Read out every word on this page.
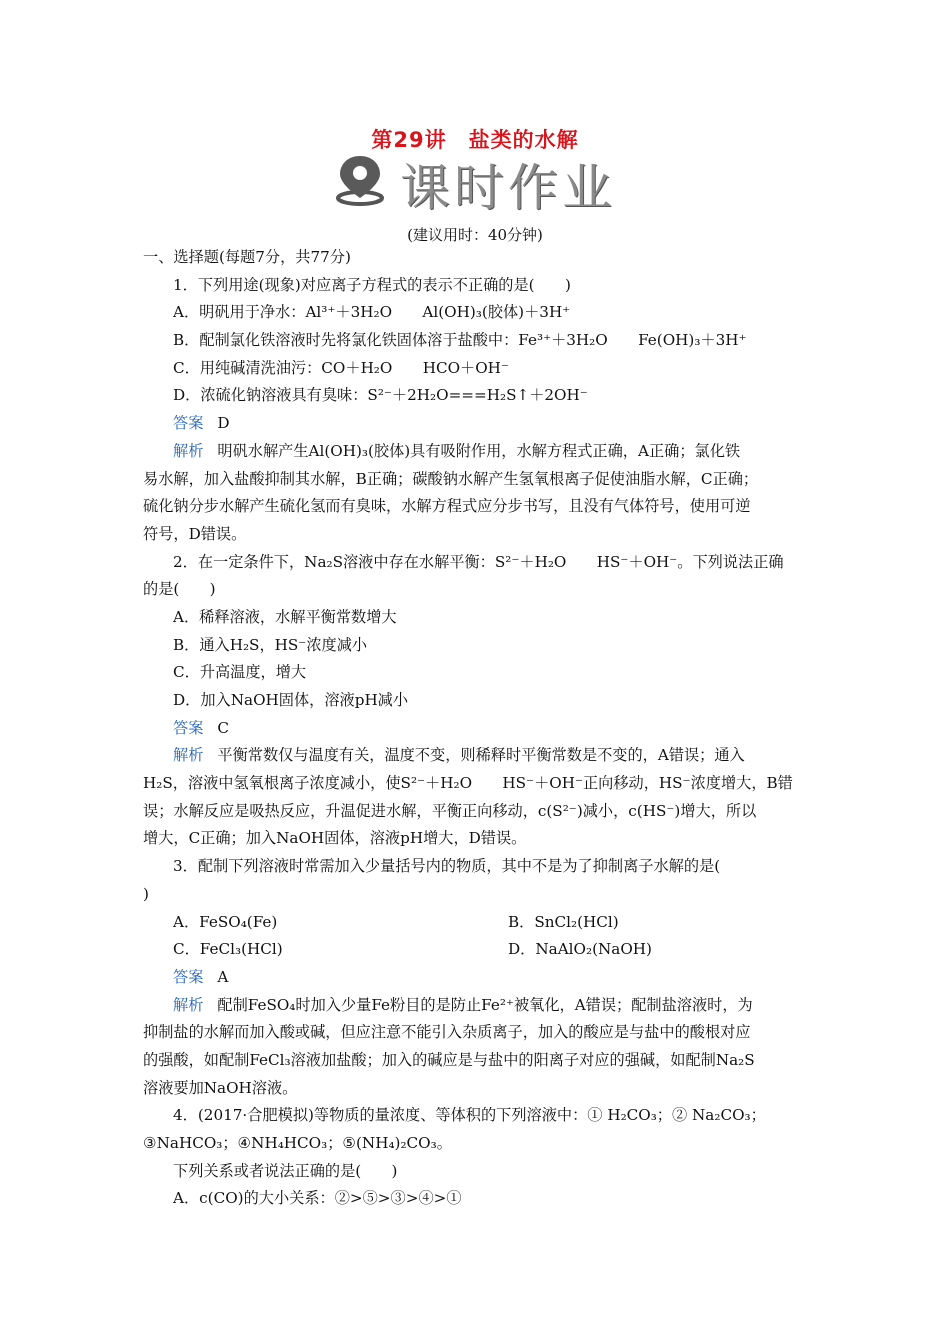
第29讲　盐类的水解
课时作业
(建议用时：40分钟)
一、选择题(每题7分，共77分)
1．下列用途(现象)对应离子方程式的表示不正确的是(　　)
A．明矾用于净水：Al³⁺＋3H₂O　　Al(OH)₃(胶体)＋3H⁺
B．配制氯化铁溶液时先将氯化铁固体溶于盐酸中：Fe³⁺＋3H₂O　　Fe(OH)₃＋3H⁺
C．用纯碱清洗油污：CO＋H₂O　　HCO＋OH⁻
D．浓硫化钠溶液具有臭味：S²⁻＋2H₂O===H₂S↑＋2OH⁻
答案 D
解析 明矾水解产生Al(OH)₃(胶体)具有吸附作用，水解方程式正确，A正确；氯化铁
易水解，加入盐酸抑制其水解，B正确；碳酸钠水解产生氢氧根离子促使油脂水解，C正确；
硫化钠分步水解产生硫化氢而有臭味，水解方程式应分步书写，且没有气体符号，使用可逆
符号，D错误。
2．在一定条件下，Na₂S溶液中存在水解平衡：S²⁻＋H₂O　　HS⁻＋OH⁻。下列说法正确
的是(　　)
A．稀释溶液，水解平衡常数增大
B．通入H₂S，HS⁻浓度减小
C．升高温度，增大
D．加入NaOH固体，溶液pH减小
答案 C
解析 平衡常数仅与温度有关，温度不变，则稀释时平衡常数是不变的，A错误；通入
H₂S，溶液中氢氧根离子浓度减小，使S²⁻＋H₂O　　HS⁻＋OH⁻正向移动，HS⁻浓度增大，B错
误；水解反应是吸热反应，升温促进水解，平衡正向移动，c(S²⁻)减小，c(HS⁻)增大，所以
增大，C正确；加入NaOH固体，溶液pH增大，D错误。
3．配制下列溶液时常需加入少量括号内的物质，其中不是为了抑制离子水解的是(
)
A．FeSO₄(Fe)	B．SnCl₂(HCl)
C．FeCl₃(HCl)	D．NaAlO₂(NaOH)
答案 A
解析 配制FeSO₄时加入少量Fe粉目的是防止Fe²⁺被氧化，A错误；配制盐溶液时，为
抑制盐的水解而加入酸或碱，但应注意不能引入杂质离子，加入的酸应是与盐中的酸根对应
的强酸，如配制FeCl₃溶液加盐酸；加入的碱应是与盐中的阳离子对应的强碱，如配制Na₂S
溶液要加NaOH溶液。
4．(2017·合肥模拟)等物质的量浓度、等体积的下列溶液中：① H₂CO₃；② Na₂CO₃；
③NaHCO₃；④NH₄HCO₃；⑤(NH₄)₂CO₃。
下列关系或者说法正确的是(　　)
A．c(CO)的大小关系：②>⑤>③>④>①
